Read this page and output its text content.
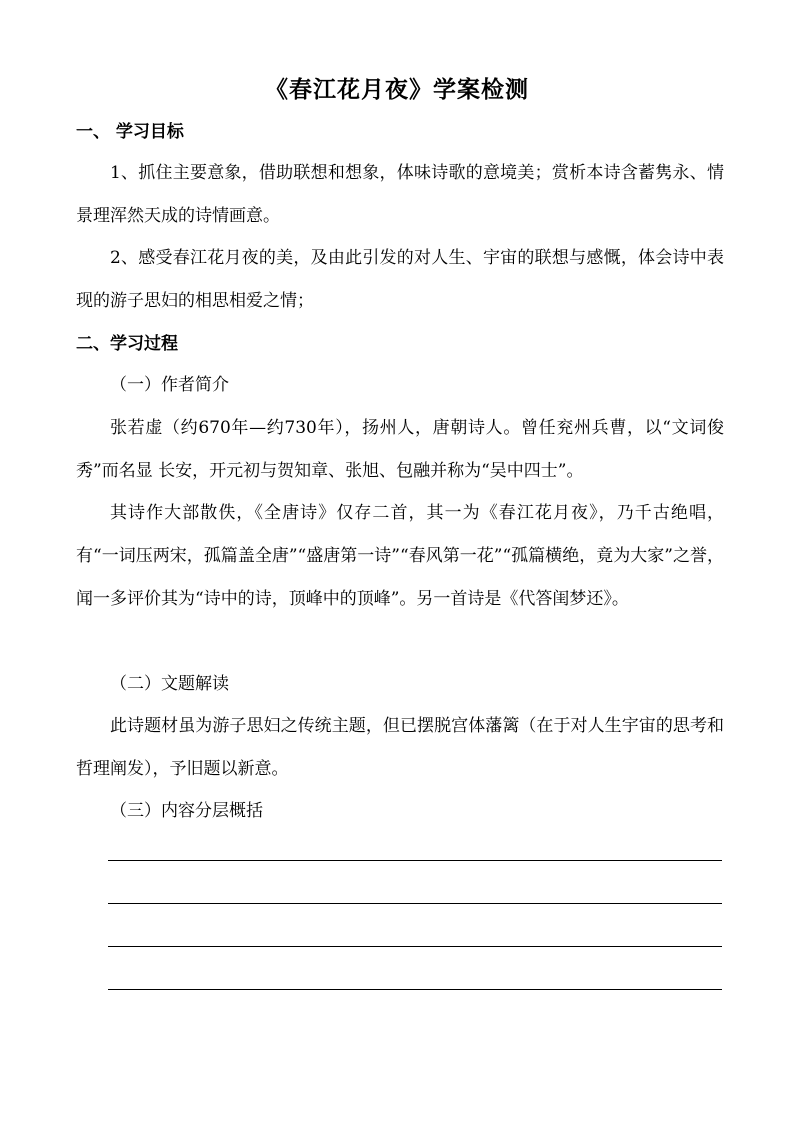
《春江花月夜》学案检测
一、 学习目标
1、抓住主要意象，借助联想和想象，体味诗歌的意境美；赏析本诗含蓄隽永、情景理浑然天成的诗情画意。
2、感受春江花月夜的美，及由此引发的对人生、宇宙的联想与感慨，体会诗中表现的游子思妇的相思相爱之情；
二、学习过程
（一）作者简介
张若虚（约670年—约730年），扬州人，唐朝诗人。曾任兖州兵曹，以“文词俊秀”而名显 长安，开元初与贺知章、张旭、包融并称为“吴中四士”。
其诗作大部散佚，《全唐诗》仅存二首，其一为《春江花月夜》，乃千古绝唱，有“一词压两宋，孤篇盖全唐”“盛唐第一诗”“春风第一花”“孤篇横绝，竟为大家”之誉，闻一多评价其为“诗中的诗，顶峰中的顶峰”。另一首诗是《代答闺梦还》。
（二）文题解读
此诗题材虽为游子思妇之传统主题，但已摆脱宫体藩篱（在于对人生宇宙的思考和哲理阐发），予旧题以新意。
（三）内容分层概括
